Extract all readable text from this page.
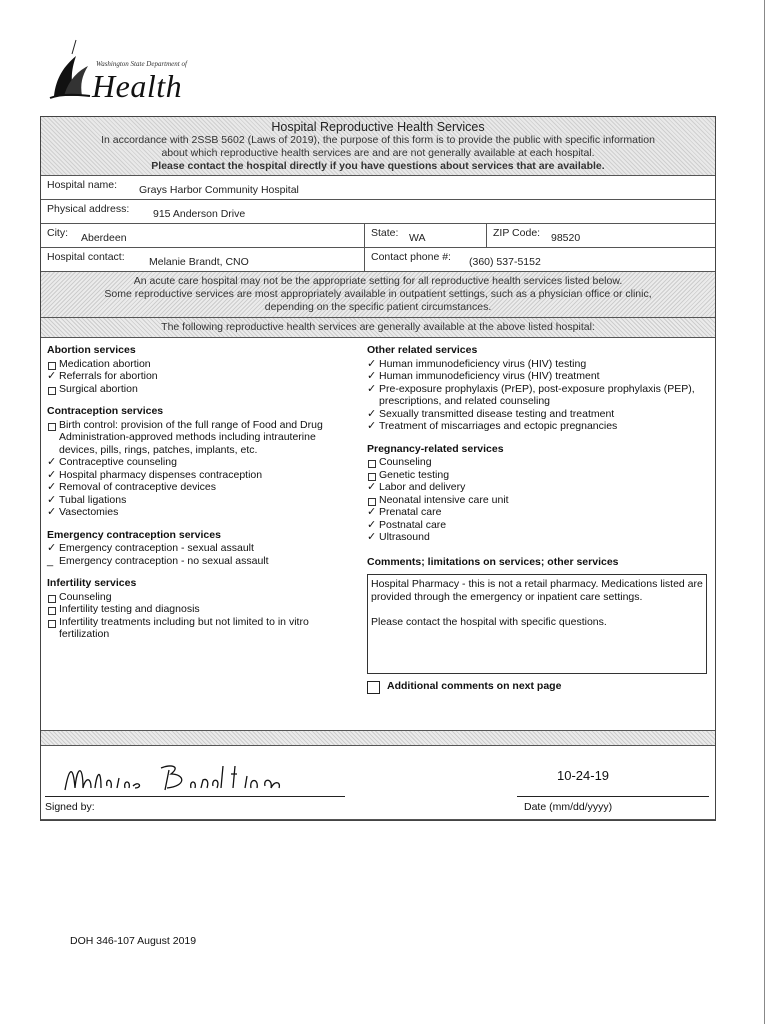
Washington State Department of
Health
Hospital Reproductive Health Services
In accordance with 2SSB 5602 (Laws of 2019), the purpose of this form is to provide the public with specific information
about which reproductive health services are and are not generally available at each hospital.
Please contact the hospital directly if you have questions about services that are available.
Hospital name: Grays Harbor Community Hospital
Physical address: 915 Anderson Drive
City: Aberdeen	State: WA	ZIP Code: 98520
Hospital contact: Melanie Brandt, CNO	Contact phone #: (360) 537-5152
An acute care hospital may not be the appropriate setting for all reproductive health services listed below.
Some reproductive services are most appropriately available in outpatient settings, such as a physician office or clinic,
depending on the specific patient circumstances.
The following reproductive health services are generally available at the above listed hospital:
Abortion services
Medication abortion
✓ Referrals for abortion
Surgical abortion
Contraception services
Birth control: provision of the full range of Food and Drug Administration-approved methods including intrauterine devices, pills, rings, patches, implants, etc.
✓ Contraceptive counseling
✓ Hospital pharmacy dispenses contraception
✓ Removal of contraceptive devices
✓ Tubal ligations
✓ Vasectomies
Emergency contraception services
✓ Emergency contraception - sexual assault
_ Emergency contraception - no sexual assault
Infertility services
Counseling
Infertility testing and diagnosis
Infertility treatments including but not limited to in vitro fertilization
Other related services
✓ Human immunodeficiency virus (HIV) testing
✓ Human immunodeficiency virus (HIV) treatment
✓ Pre-exposure prophylaxis (PrEP), post-exposure prophylaxis (PEP), prescriptions, and related counseling
✓ Sexually transmitted disease testing and treatment
✓ Treatment of miscarriages and ectopic pregnancies
Pregnancy-related services
Counseling
Genetic testing
✓ Labor and delivery
Neonatal intensive care unit
✓ Prenatal care
✓ Postnatal care
✓ Ultrasound
Comments; limitations on services; other services

Hospital Pharmacy - this is not a retail pharmacy. Medications listed are provided through the emergency or inpatient care settings.

Please contact the hospital with specific questions.

Additional comments on next page
10-24-19
Signed by:	Date (mm/dd/yyyy)
DOH 346-107 August 2019
